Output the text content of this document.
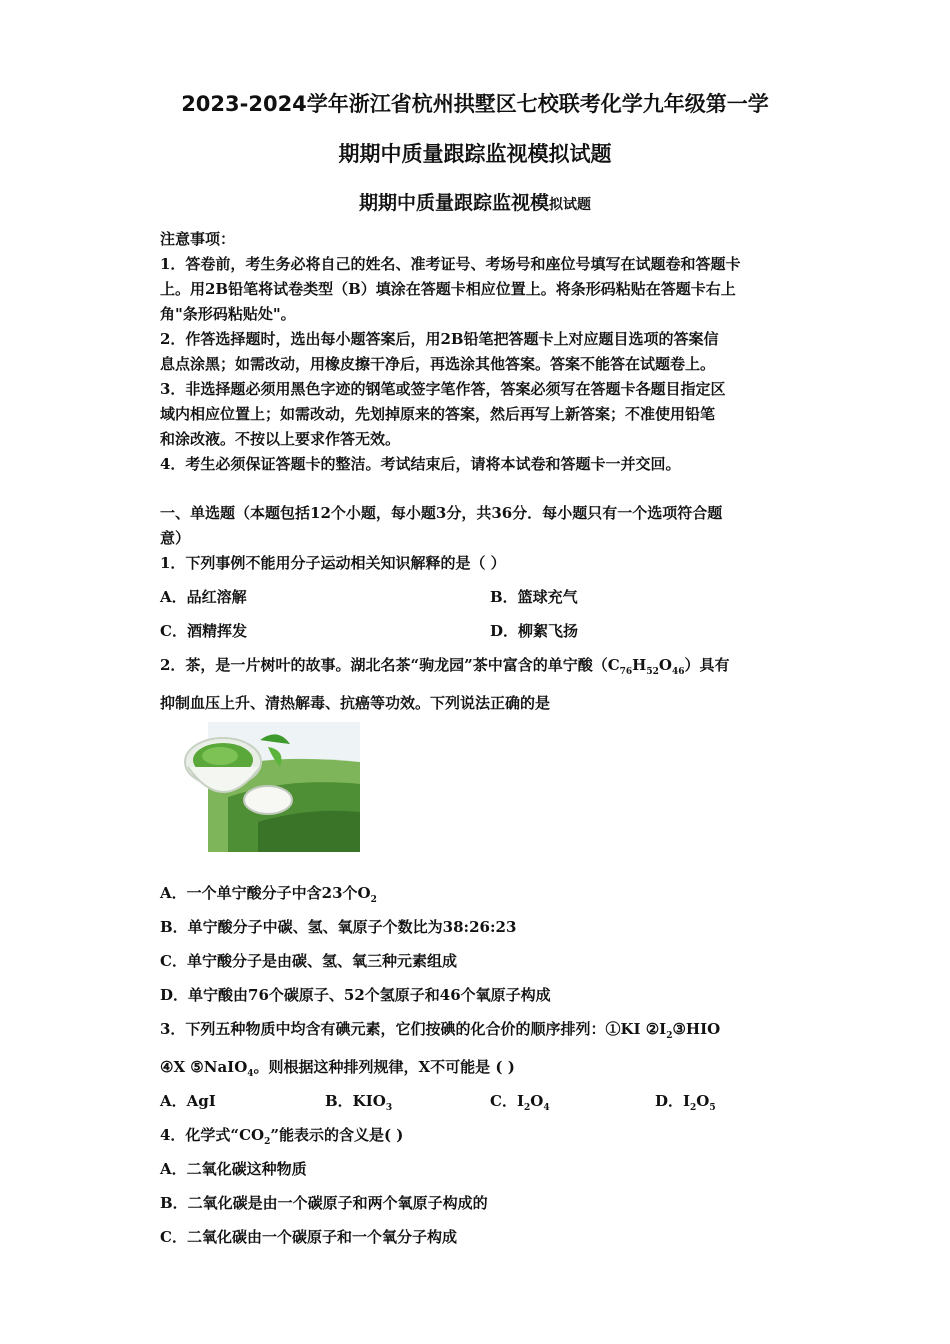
2023-2024学年浙江省杭州拱墅区七校联考化学九年级第一学
期期中质量跟踪监视模拟试题
期期中质量跟踪监视模拟试题
注意事项：
1．答卷前，考生务必将自己的姓名、准考证号、考场号和座位号填写在试题卷和答题卡
上。用2B铅笔将试卷类型（B）填涂在答题卡相应位置上。将条形码粘贴在答题卡右上
角"条形码粘贴处"。
2．作答选择题时，选出每小题答案后，用2B铅笔把答题卡上对应题目选项的答案信
息点涂黑；如需改动，用橡皮擦干净后，再选涂其他答案。答案不能答在试题卷上。
3．非选择题必须用黑色字迹的钢笔或签字笔作答，答案必须写在答题卡各题目指定区
域内相应位置上；如需改动，先划掉原来的答案，然后再写上新答案；不准使用铅笔
和涂改液。不按以上要求作答无效。
4．考生必须保证答题卡的整洁。考试结束后，请将本试卷和答题卡一并交回。
一、单选题（本题包括12个小题，每小题3分，共36分．每小题只有一个选项符合题
意）
1．下列事例不能用分子运动相关知识解释的是（ ）
A．品红溶解	B．篮球充气
C．酒精挥发	D．柳絮飞扬
2．茶，是一片树叶的故事。湖北名茶“驹龙园”茶中富含的单宁酸$(C_{76}H_{52}O_{46})$具有
抑制血压上升、清热解毒、抗癌等功效。下列说法正确的是
A．一个单宁酸分子中含23个$O_2$
B．单宁酸分子中碳、氢、氧原子个数比为38:26:23
C．单宁酸分子是由碳、氢、氧三种元素组成
D．单宁酸由76个碳原子、52个氢原子和46个氧原子构成
3．下列五种物质中均含有碘元素，它们按碘的化合价的顺序排列：①KI $②I_2③HIO$
④X ⑤NaIO$_4$。则根据这种排列规律，X不可能是 ( )
A．AgI	B．$KIO_3$	C．$I_2O_4$	D．$I_2O_5$
4．化学式“$CO_2$”能表示的含义是( )
A．二氧化碳这种物质
B．二氧化碳是由一个碳原子和两个氧原子构成的
C．二氧化碳由一个碳原子和一个氧分子构成
